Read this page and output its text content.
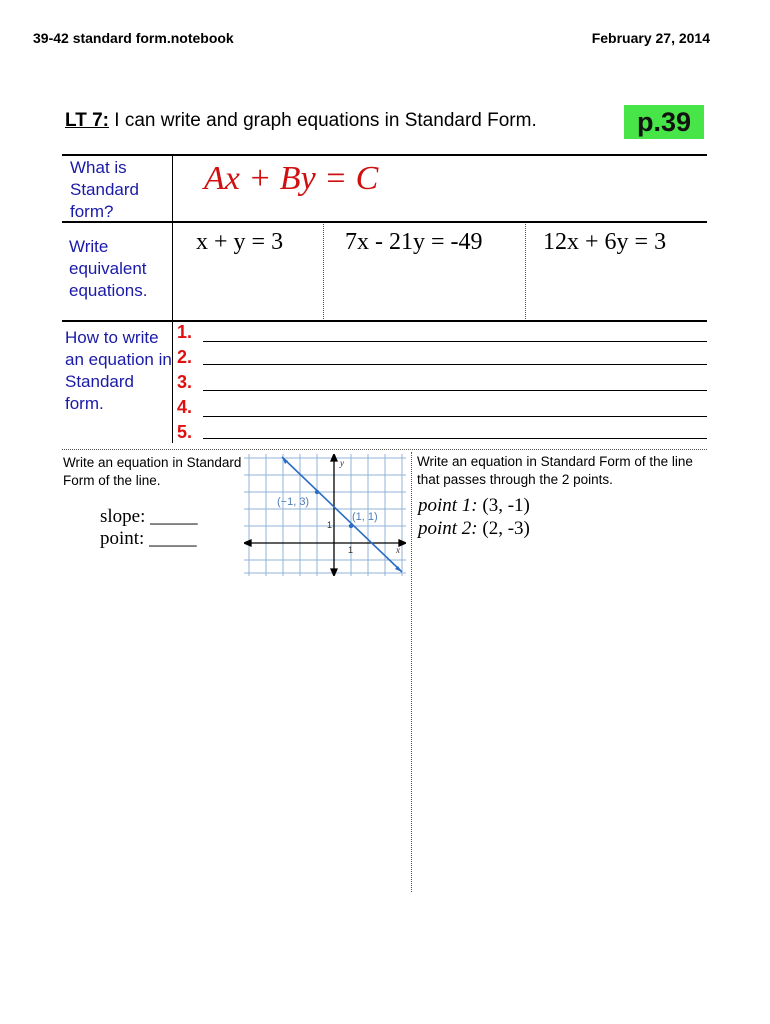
39-42 standard form.notebook	February 27, 2014
LT 7: I can write and graph equations in Standard Form.	p.39
What is Standard form?
Ax + By = C
Write equivalent equations.
x + y = 3	7x - 21y = -49	12x + 6y = 3
How to write an equation in Standard form.
1.
2.
3.
4.
5.
Write an equation in Standard Form of the line.
slope: _____
point: _____
(−1, 3)
(1, 1)
y
x
1
1
Write an equation in Standard Form of the line that passes through the 2 points.
point 1: (3, -1)
point 2: (2, -3)
